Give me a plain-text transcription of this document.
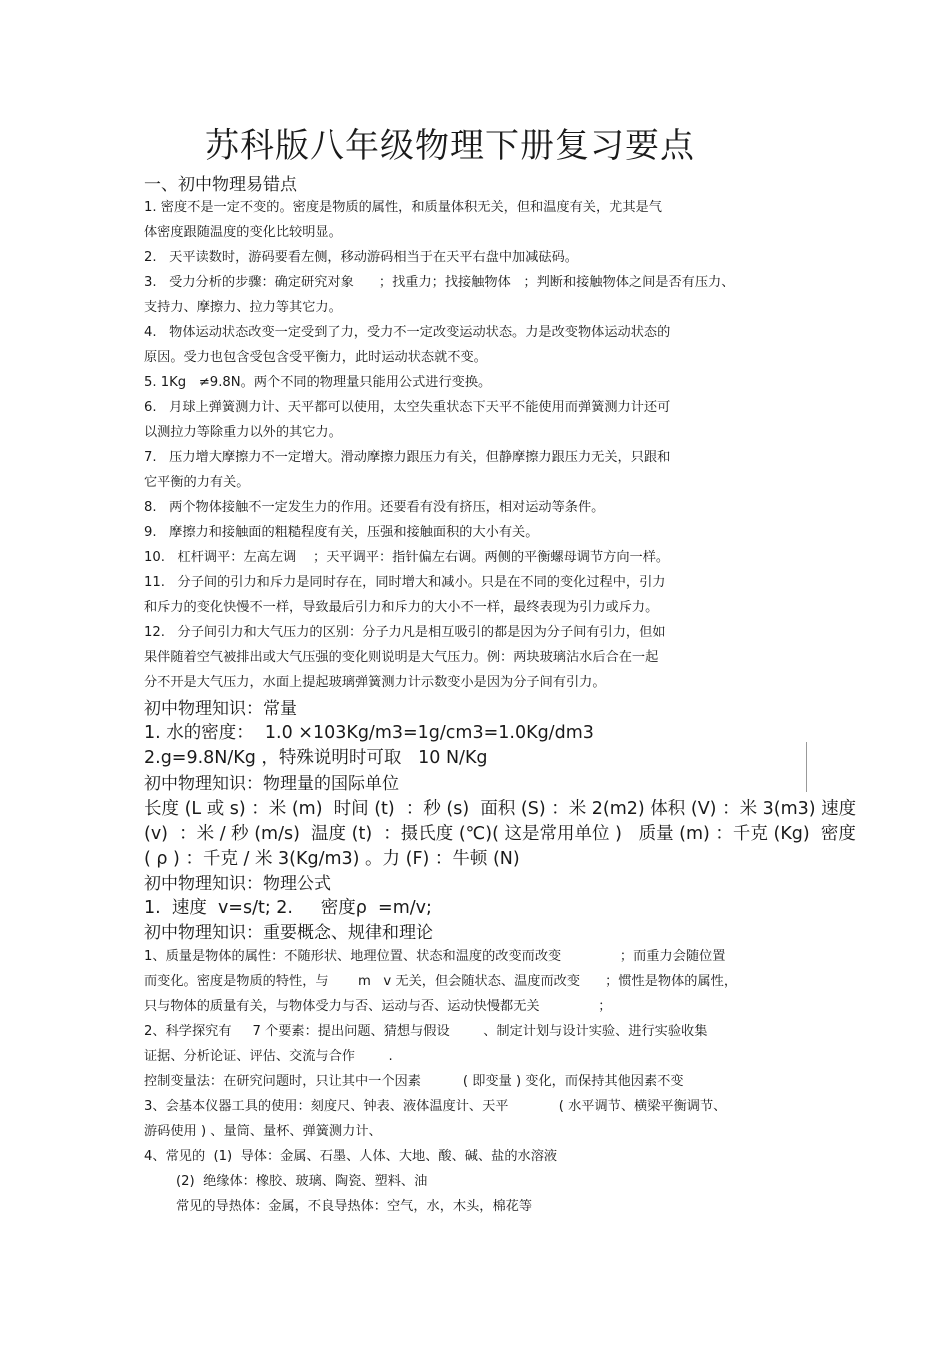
苏科版八年级物理下册复习要点

一、初中物理易错点

1. 密度不是一定不变的。密度是物质的属性，和质量体积无关，但和温度有关，尤其是气

体密度跟随温度的变化比较明显。

2.   天平读数时，游码要看左侧，移动游码相当于在天平右盘中加减砝码。

3.   受力分析的步骤：确定研究对象      ；找重力；找接触物体   ；判断和接触物体之间是否有压力、

支持力、摩擦力、拉力等其它力。

4.   物体运动状态改变一定受到了力，受力不一定改变运动状态。力是改变物体运动状态的

原因。受力也包含受包含受平衡力，此时运动状态就不变。

5. 1Kg   ≠9.8N。两个不同的物理量只能用公式进行变换。

6.   月球上弹簧测力计、天平都可以使用，太空失重状态下天平不能使用而弹簧测力计还可

以测拉力等除重力以外的其它力。

7.   压力增大摩擦力不一定增大。滑动摩擦力跟压力有关，但静摩擦力跟压力无关，只跟和

它平衡的力有关。

8.   两个物体接触不一定发生力的作用。还要看有没有挤压，相对运动等条件。

9.   摩擦力和接触面的粗糙程度有关，压强和接触面积的大小有关。

10.   杠杆调平：左高左调    ；天平调平：指针偏左右调。两侧的平衡螺母调节方向一样。

11.   分子间的引力和斥力是同时存在，同时增大和减小。只是在不同的变化过程中，引力

和斥力的变化快慢不一样，导致最后引力和斥力的大小不一样，最终表现为引力或斥力。

12.   分子间引力和大气压力的区别：分子力凡是相互吸引的都是因为分子间有引力，但如

果伴随着空气被排出或大气压强的变化则说明是大气压力。例：两块玻璃沾水后合在一起

分不开是大气压力，水面上提起玻璃弹簧测力计示数变小是因为分子间有引力。

初中物理知识：常量

1. 水的密度：  1.0 ×103Kg/m3=1g/cm3=1.0Kg/dm3

2.g=9.8N/Kg ，特殊说明时可取   10 N/Kg

初中物理知识：物理量的国际单位

长度 (L 或 s) ：米 (m)  时间 (t)  ：秒 (s)  面积 (S) ：米 2(m2) 体积 (V) ：米 3(m3) 速度

(v)  ：米 / 秒 (m/s)  温度 (t)  ：摄氏度 (℃)( 这是常用单位 )   质量 (m) ：千克 (Kg)  密度

( ρ ) ：千克 / 米 3(Kg/m3) 。力 (F) ：牛顿 (N)

初中物理知识：物理公式

1.  速度  v=s/t; 2.     密度ρ  =m/v;

初中物理知识：重要概念、规律和理论

1、质量是物体的属性：不随形状、地理位置、状态和温度的改变而改变              ；而重力会随位置

而变化。密度是物质的特性，与       m   v 无关，但会随状态、温度而改变      ；惯性是物体的属性，

只与物体的质量有关，与物体受力与否、运动与否、运动快慢都无关              ；

2、科学探究有     7 个要素：提出问题、猜想与假设        、制定计划与设计实验、进行实验收集

证据、分析论证、评估、交流与合作        .

控制变量法：在研究问题时，只让其中一个因素          ( 即变量 ) 变化，而保持其他因素不变

3、会基本仪器工具的使用：刻度尺、钟表、液体温度计、天平            ( 水平调节、横梁平衡调节、

游码使用 ) 、量筒、量杯、弹簧测力计、

4、常见的  (1)  导体：金属、石墨、人体、大地、酸、碱、盐的水溶液

(2)  绝缘体：橡胶、玻璃、陶瓷、塑料、油

常见的导热体：金属，不良导热体：空气，水，木头，棉花等
